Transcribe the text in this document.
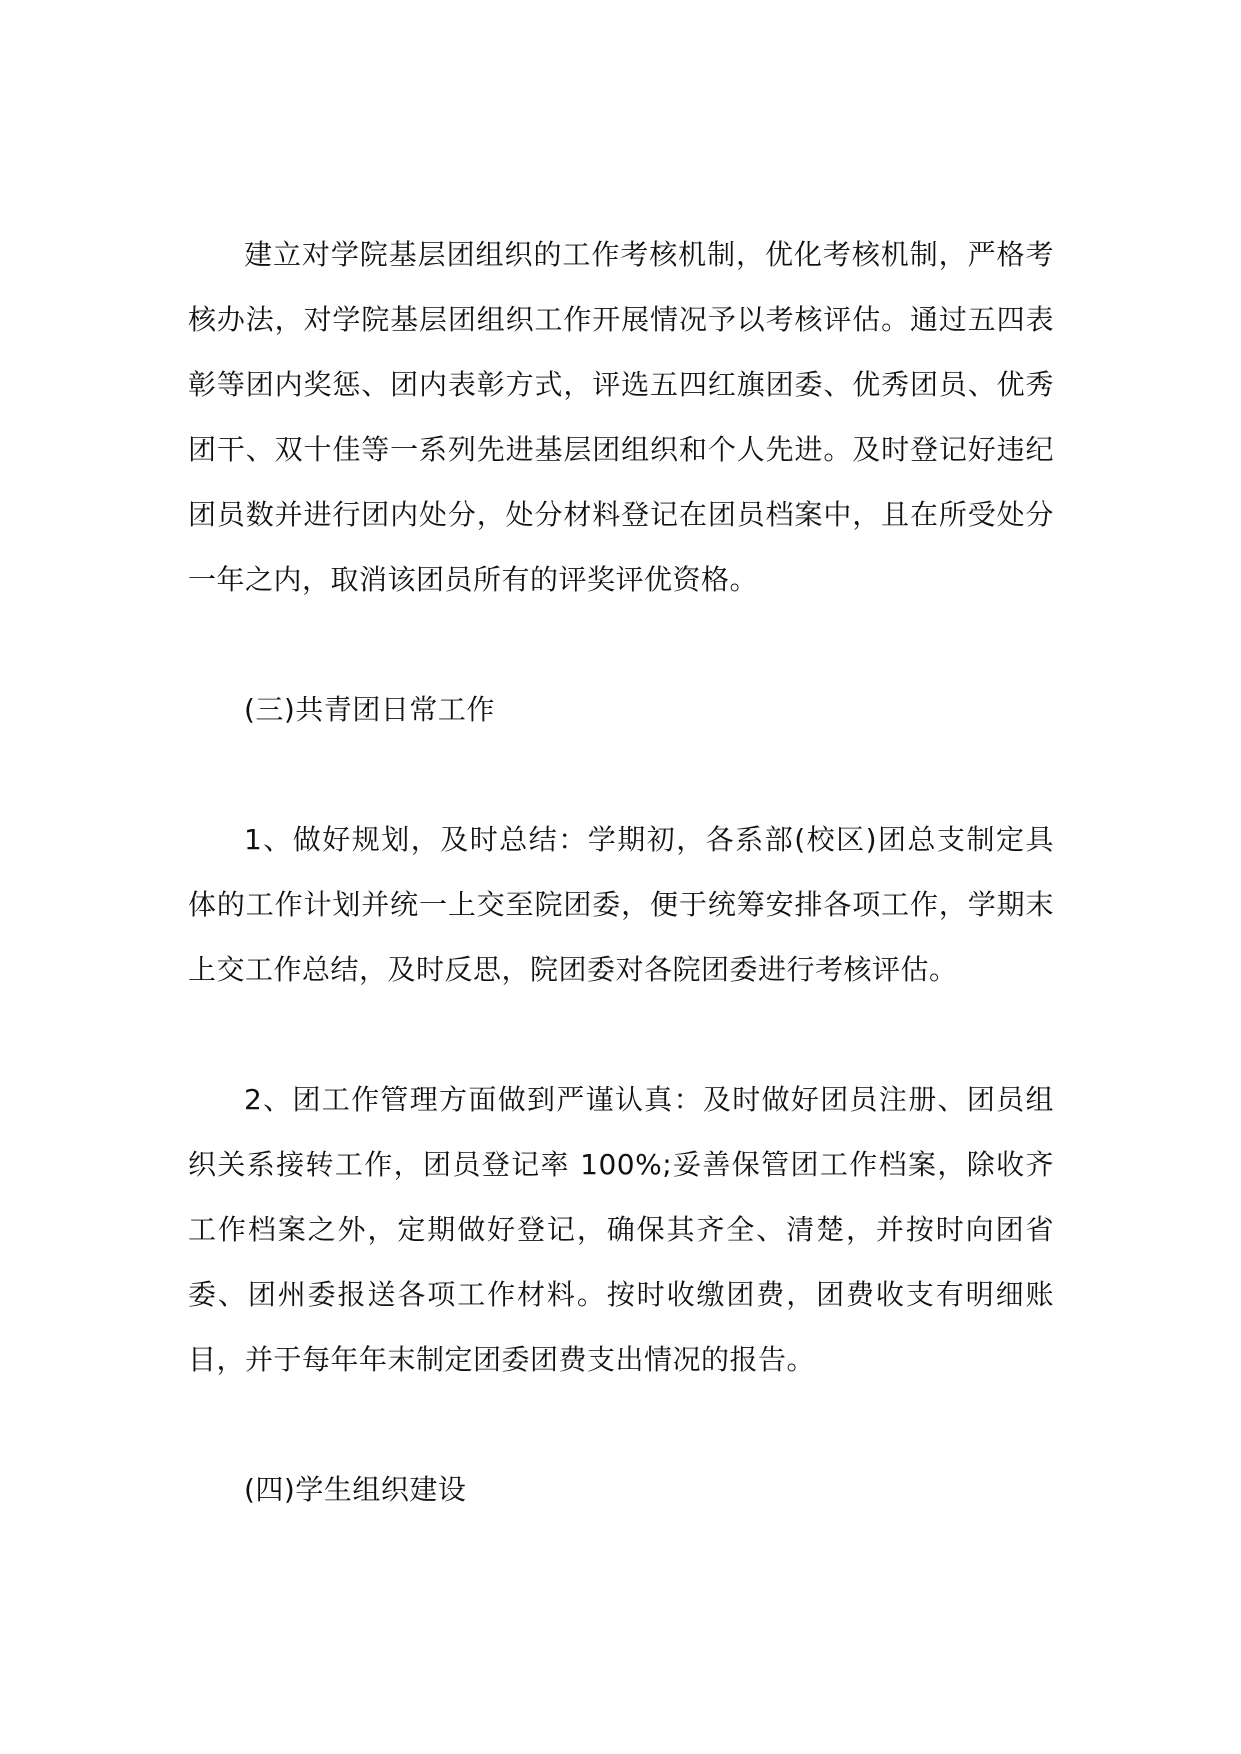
建立对学院基层团组织的工作考核机制，优化考核机制，严格考核办法，对学院基层团组织工作开展情况予以考核评估。通过五四表彰等团内奖惩、团内表彰方式，评选五四红旗团委、优秀团员、优秀团干、双十佳等一系列先进基层团组织和个人先进。及时登记好违纪团员数并进行团内处分，处分材料登记在团员档案中，且在所受处分一年之内，取消该团员所有的评奖评优资格。

(三)共青团日常工作

1、做好规划，及时总结：学期初，各系部(校区)团总支制定具体的工作计划并统一上交至院团委，便于统筹安排各项工作，学期末上交工作总结，及时反思，院团委对各院团委进行考核评估。

2、团工作管理方面做到严谨认真：及时做好团员注册、团员组织关系接转工作，团员登记率 100%;妥善保管团工作档案，除收齐工作档案之外，定期做好登记，确保其齐全、清楚，并按时向团省委、团州委报送各项工作材料。按时收缴团费，团费收支有明细账目，并于每年年末制定团委团费支出情况的报告。

(四)学生组织建设
